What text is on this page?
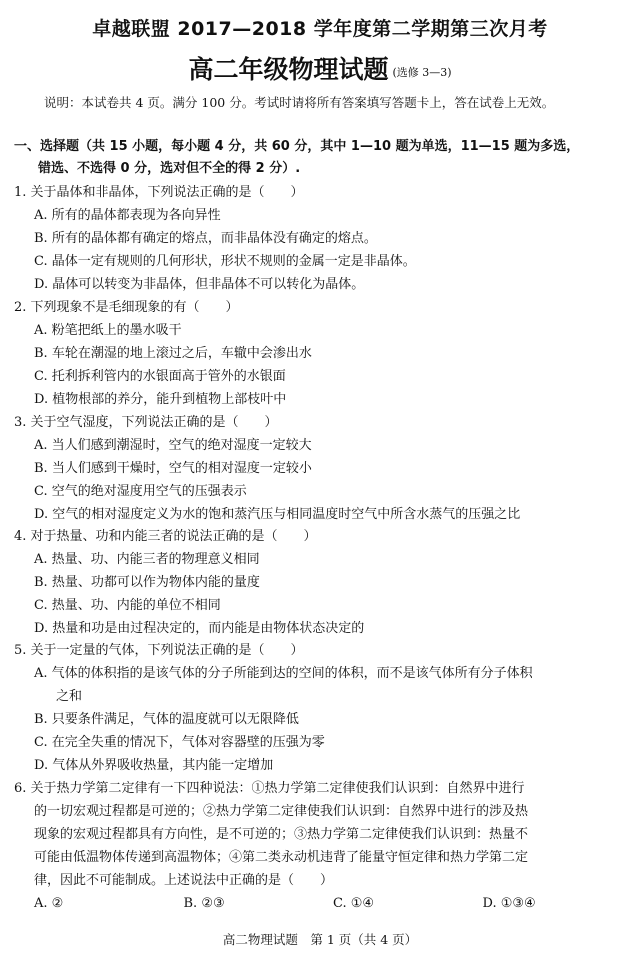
卓越联盟 2017—2018 学年度第二学期第三次月考
高二年级物理试题 (选修 3—3)
说明：本试卷共 4 页。满分 100 分。考试时请将所有答案填写答题卡上，答在试卷上无效。
一、选择题（共 15 小题，每小题 4 分，共 60 分，其中 1—10 题为单选，11—15 题为多选，
错选、不选得 0 分，选对但不全的得 2 分）.
1. 关于晶体和非晶体，下列说法正确的是（　　）
A. 所有的晶体都表现为各向异性
B. 所有的晶体都有确定的熔点，而非晶体没有确定的熔点。
C. 晶体一定有规则的几何形状，形状不规则的金属一定是非晶体。
D. 晶体可以转变为非晶体，但非晶体不可以转化为晶体。
2. 下列现象不是毛细现象的有（　　）
A. 粉笔把纸上的墨水吸干
B. 车轮在潮湿的地上滚过之后，车辙中会渗出水
C. 托利拆利管内的水银面高于管外的水银面
D. 植物根部的养分，能升到植物上部枝叶中
3. 关于空气湿度，下列说法正确的是（　　）
A. 当人们感到潮湿时，空气的绝对湿度一定较大
B. 当人们感到干燥时，空气的相对湿度一定较小
C. 空气的绝对湿度用空气的压强表示
D. 空气的相对湿度定义为水的饱和蒸汽压与相同温度时空气中所含水蒸气的压强之比
4. 对于热量、功和内能三者的说法正确的是（　　）
A. 热量、功、内能三者的物理意义相同
B. 热量、功都可以作为物体内能的量度
C. 热量、功、内能的单位不相同
D. 热量和功是由过程决定的，而内能是由物体状态决定的
5. 关于一定量的气体，下列说法正确的是（　　）
A. 气体的体积指的是该气体的分子所能到达的空间的体积，而不是该气体所有分子体积
之和
B. 只要条件满足，气体的温度就可以无限降低
C. 在完全失重的情况下，气体对容器壁的压强为零
D. 气体从外界吸收热量，其内能一定增加
6. 关于热力学第二定律有一下四种说法：①热力学第二定律使我们认识到：自然界中进行
的一切宏观过程都是可逆的；②热力学第二定律使我们认识到：自然界中进行的涉及热
现象的宏观过程都具有方向性，是不可逆的；③热力学第二定律使我们认识到：热量不
可能由低温物体传递到高温物体；④第二类永动机违背了能量守恒定律和热力学第二定
律，因此不可能制成。上述说法中正确的是（　　）
A. ②	B. ②③	C. ①④	D. ①③④
高二物理试题　第 1 页（共 4 页）
